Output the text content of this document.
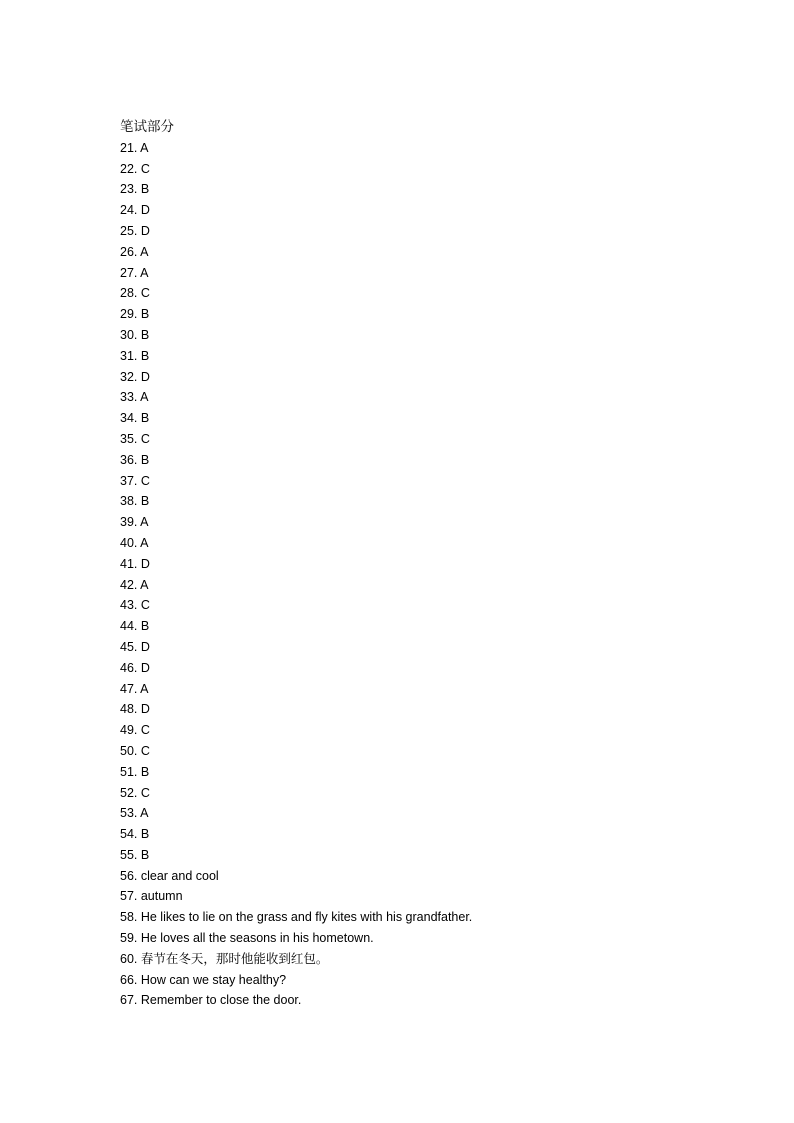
笔试部分
21. A
22. C
23. B
24. D
25. D
26. A
27. A
28. C
29. B
30. B
31. B
32. D
33. A
34. B
35. C
36. B
37. C
38. B
39. A
40. A
41. D
42. A
43. C
44. B
45. D
46. D
47. A
48. D
49. C
50. C
51. B
52. C
53. A
54. B
55. B
56. clear and cool
57. autumn
58. He likes to lie on the grass and fly kites with his grandfather.
59. He loves all the seasons in his hometown.
60. 春节在冬天，那时他能收到红包。
66. How can we stay healthy?
67. Remember to close the door.
